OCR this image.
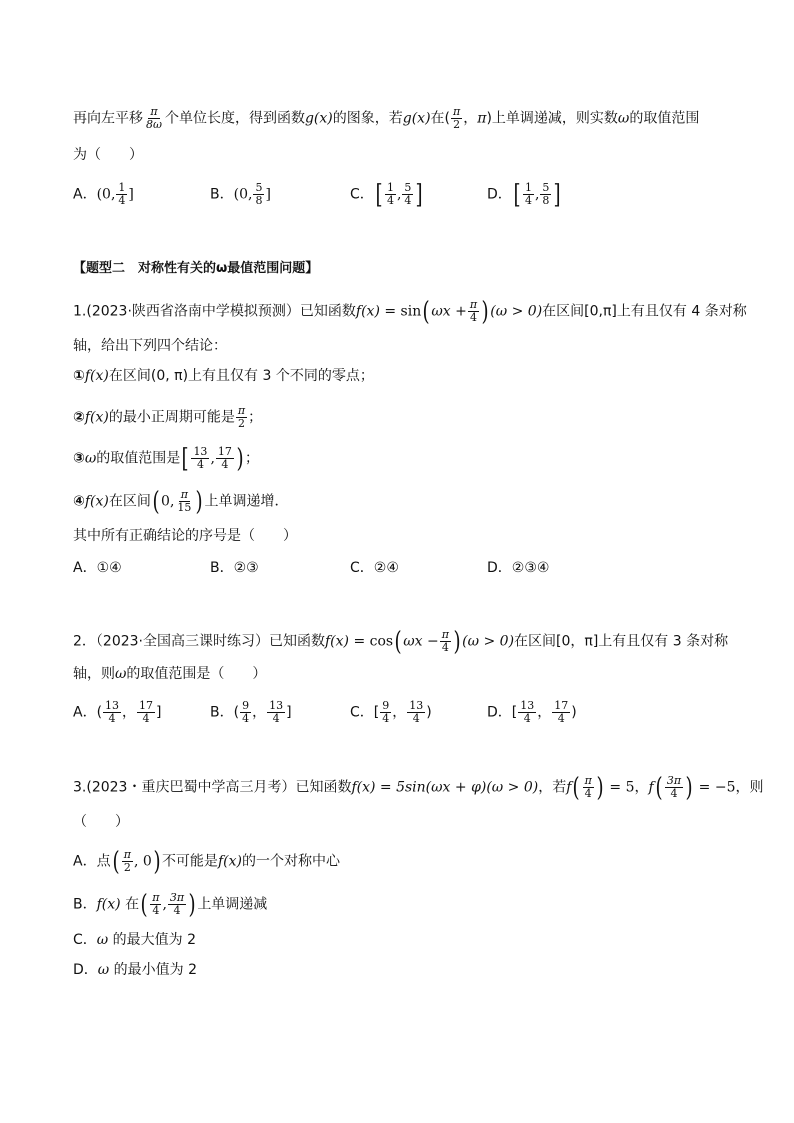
再向左平移 $\frac{\pi}{8\omega}$ 个单位长度，得到函数g(x)的图象，若g(x)在( $\frac{\pi}{2}$ ，π)上单调递减，则实数ω的取值范围
为（　　）
A．(0, $\frac{1}{4}$ ]	B．(0, $\frac{5}{8}$ ]	C．[ $\frac{1}{4}$ , $\frac{5}{4}$ ]	D．[ $\frac{1}{4}$ , $\frac{5}{8}$ ]
【题型二　对称性有关的ω最值范围问题】
1.(2023·陕西省洛南中学模拟预测）已知函数f(x) = sin( $\omega x + \frac{\pi}{4}$ ) (ω > 0)在区间[0,π]上有且仅有 4 条对称
轴，给出下列四个结论：
①f(x)在区间(0, π)上有且仅有 3 个不同的零点；
②f(x)的最小正周期可能是 $\frac{\pi}{2}$ ；
③ω的取值范围是[ $\frac{13}{4}$ , $\frac{17}{4}$ ) ；
④f(x)在区间( 0, $\frac{\pi}{15}$ ) 上单调递增．
其中所有正确结论的序号是（　　）
A．①④	B．②③	C．②④	D．②③④
2．（2023·全国高三课时练习）已知函数f(x) = cos( $\omega x - \frac{\pi}{4}$ ) (ω > 0)在区间[0，π]上有且仅有 3 条对称
轴，则ω的取值范围是（　　）
A．( $\frac{13}{4}$ ， $\frac{17}{4}$ ]	B．( $\frac{9}{4}$ ， $\frac{13}{4}$ ]	C．[ $\frac{9}{4}$ ， $\frac{13}{4}$ )	D．[ $\frac{13}{4}$ ， $\frac{17}{4}$ )
3.(2023・重庆巴蜀中学高三月考）已知函数f(x) = 5sin(ωx + φ)(ω > 0)，若$f( \frac{\pi}{4}$ ) = 5，$f( \frac{3\pi}{4}$ ) = −5，则
（　　）
A．点( $\frac{\pi}{2}$ , 0) 不可能是f(x)的一个对称中心
B．f(x) 在( $\frac{\pi}{4}$ , $\frac{3\pi}{4}$ ) 上单调递减
C．ω 的最大值为 2
D．ω 的最小值为 2
